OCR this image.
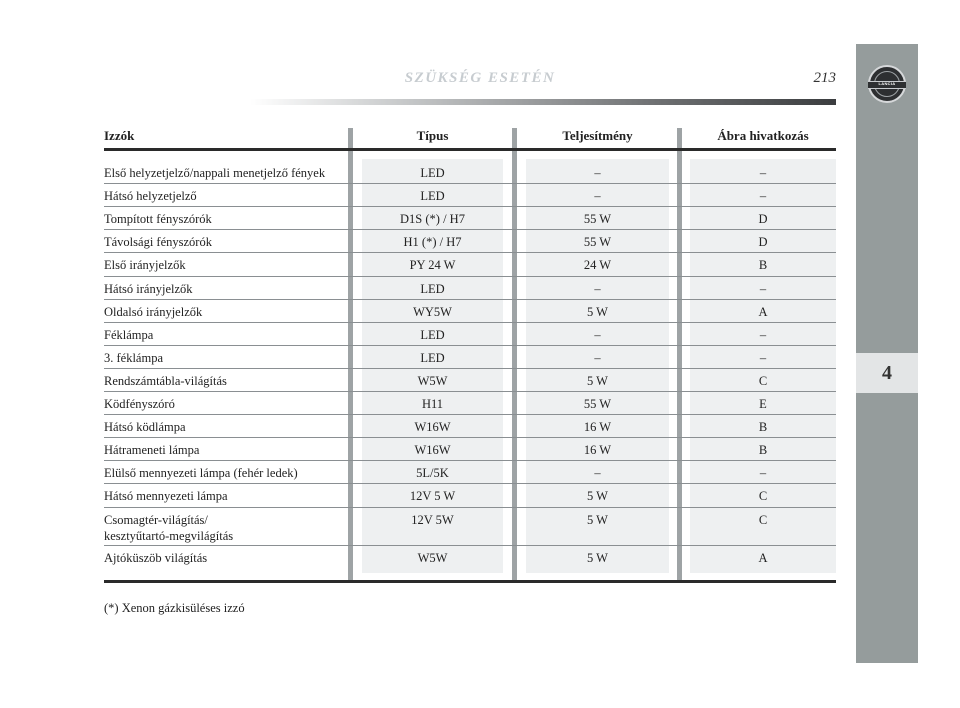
SZÜKSÉG ESETÉN	213	LANCIA
4
Izzók	Típus	Teljesítmény	Ábra hivatkozás
Első helyzetjelző/nappali menetjelző fények	LED	–	–
Hátsó helyzetjelző	LED	–	–
Tompított fényszórók	D1S (*) / H7	55 W	D
Távolsági fényszórók	H1 (*) / H7	55 W	D
Első irányjelzők	PY 24 W	24 W	B
Hátsó irányjelzők	LED	–	–
Oldalsó irányjelzők	WY5W	5 W	A
Féklámpa	LED	–	–
3. féklámpa	LED	–	–
Rendszámtábla-világítás	W5W	5 W	C
Ködfényszóró	H11	55 W	E
Hátsó ködlámpa	W16W	16 W	B
Hátrameneti lámpa	W16W	16 W	B
Elülső mennyezeti lámpa (fehér ledek)	5L/5K	–	–
Hátsó mennyezeti lámpa	12V 5 W	5 W	C
Csomagtér-világítás/
kesztyűtartó-megvilágítás
12V 5W	5 W	C
Ajtóküszöb világítás	W5W	5 W	A
(*) Xenon gázkisüléses izzó
